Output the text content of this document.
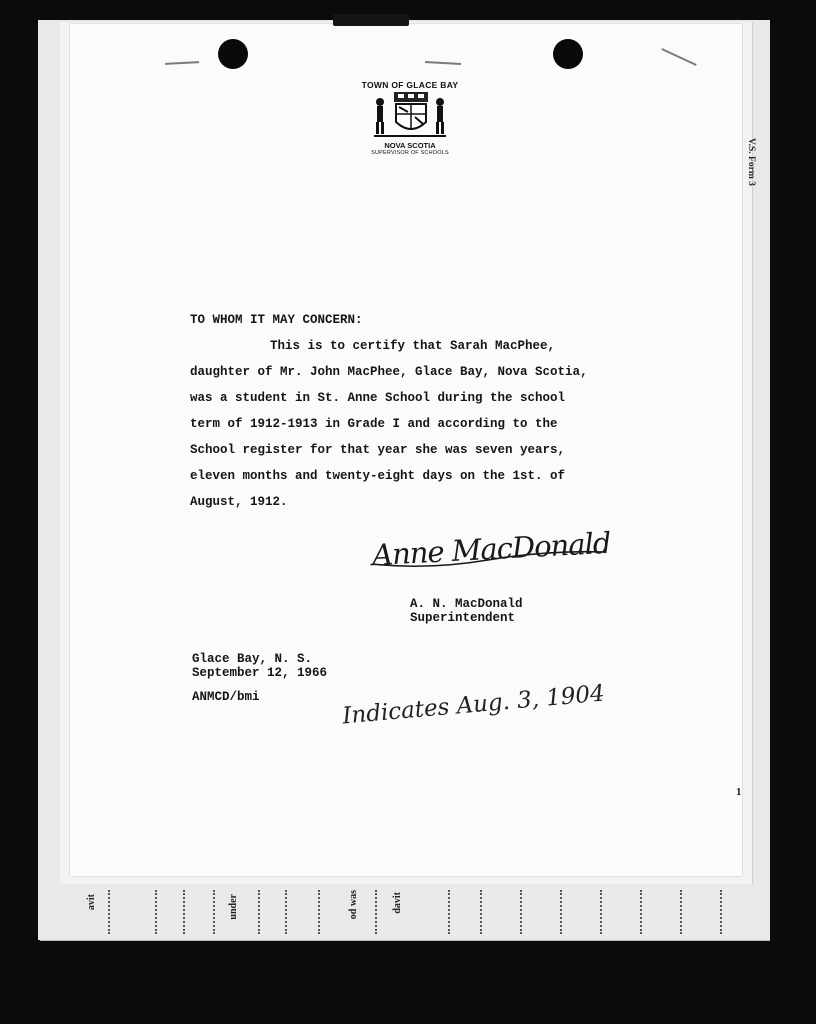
TOWN OF GLACE BAY
NOVA SCOTIA
SUPERVISOR OF SCHOOLS
TO WHOM IT MAY CONCERN:
This is to certify that Sarah MacPhee,
daughter of Mr. John MacPhee, Glace Bay, Nova Scotia,
was a student in St. Anne School during the school
term of 1912-1913 in Grade I and according to the
School register for that year she was seven years,
eleven months and twenty-eight days on the 1st. of
August, 1912.
Anne MacDonald
A. N. MacDonald
Superintendent
Glace Bay, N. S.
September 12, 1966
ANMCD/bmi	Indicates Aug. 3, 1904
V.S. Form 3
1
avit	under	od was	davit
